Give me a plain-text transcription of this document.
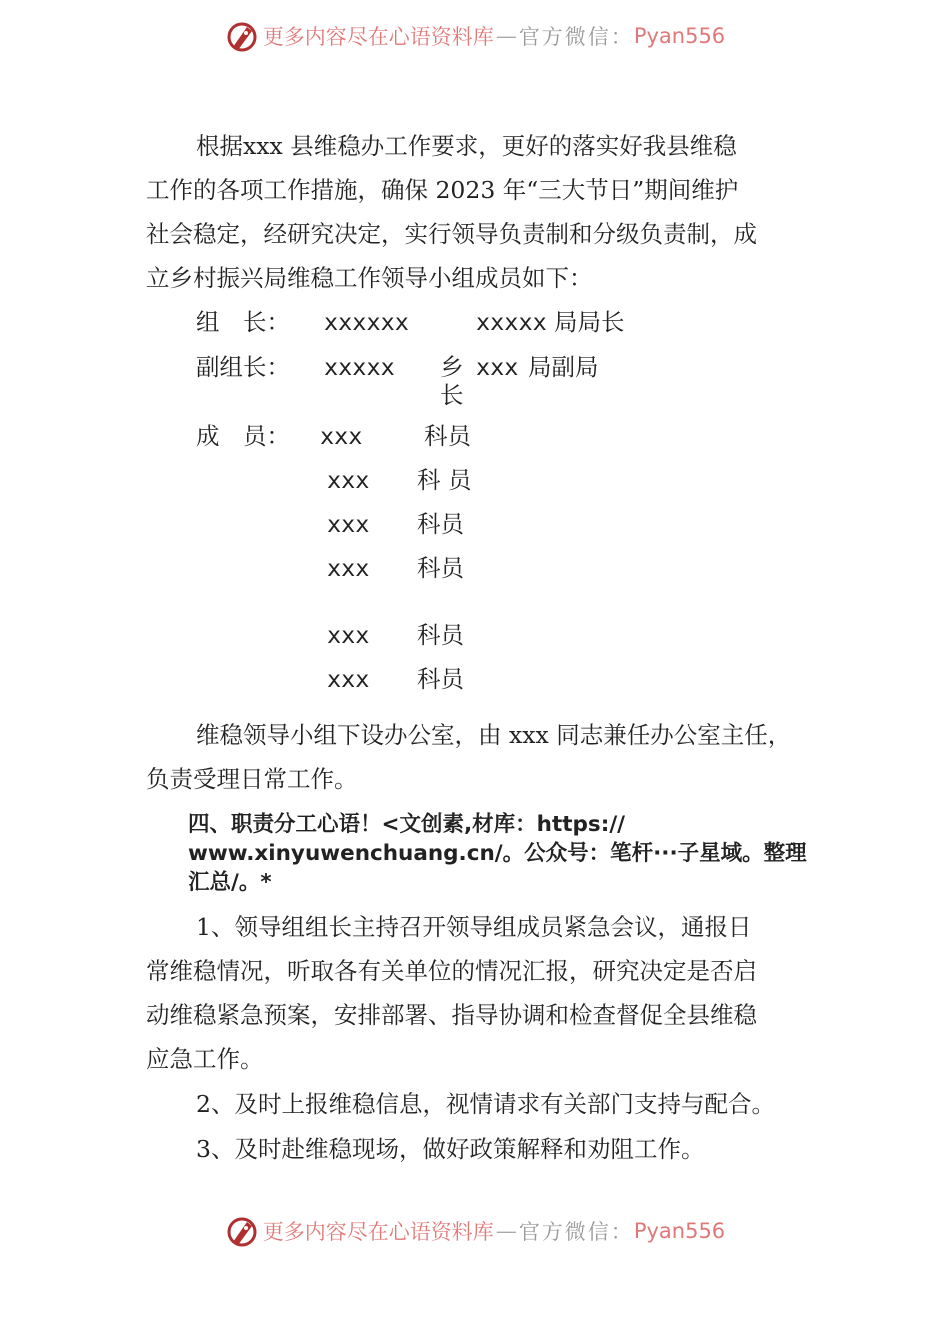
更多内容尽在心语资料库 — 官方微信： Pyan556
根据xxx 县维稳办工作要求，更好的落实好我县维稳
工作的各项工作措施，确保 2023 年“三大节日”期间维护
社会稳定，经研究决定，实行领导负责制和分级负责制，成
立乡村振兴局维稳工作领导小组成员如下：
组　长： xxxxxx	xxxxx 局局长
副组长： xxxxx 乡
长
xxx 局副局
成　员： xxx	科员
xxx 科 员
xxx 科员
xxx 科员
xxx 科员
xxx 科员
维稳领导小组下设办公室，由 xxx 同志兼任办公室主任，
负责受理日常工作。
四、职责分工心语！<文创素,材库：https://
www.xinyuwenchuang.cn/。公众号：笔杆···子星域。整理
汇总/。*
1、领导组组长主持召开领导组成员紧急会议，通报日
常维稳情况，听取各有关单位的情况汇报，研究决定是否启
动维稳紧急预案，安排部署、指导协调和检查督促全县维稳
应急工作。
2、及时上报维稳信息，视情请求有关部门支持与配合。
3、及时赴维稳现场，做好政策解释和劝阻工作。
更多内容尽在心语资料库 — 官方微信： Pyan556
